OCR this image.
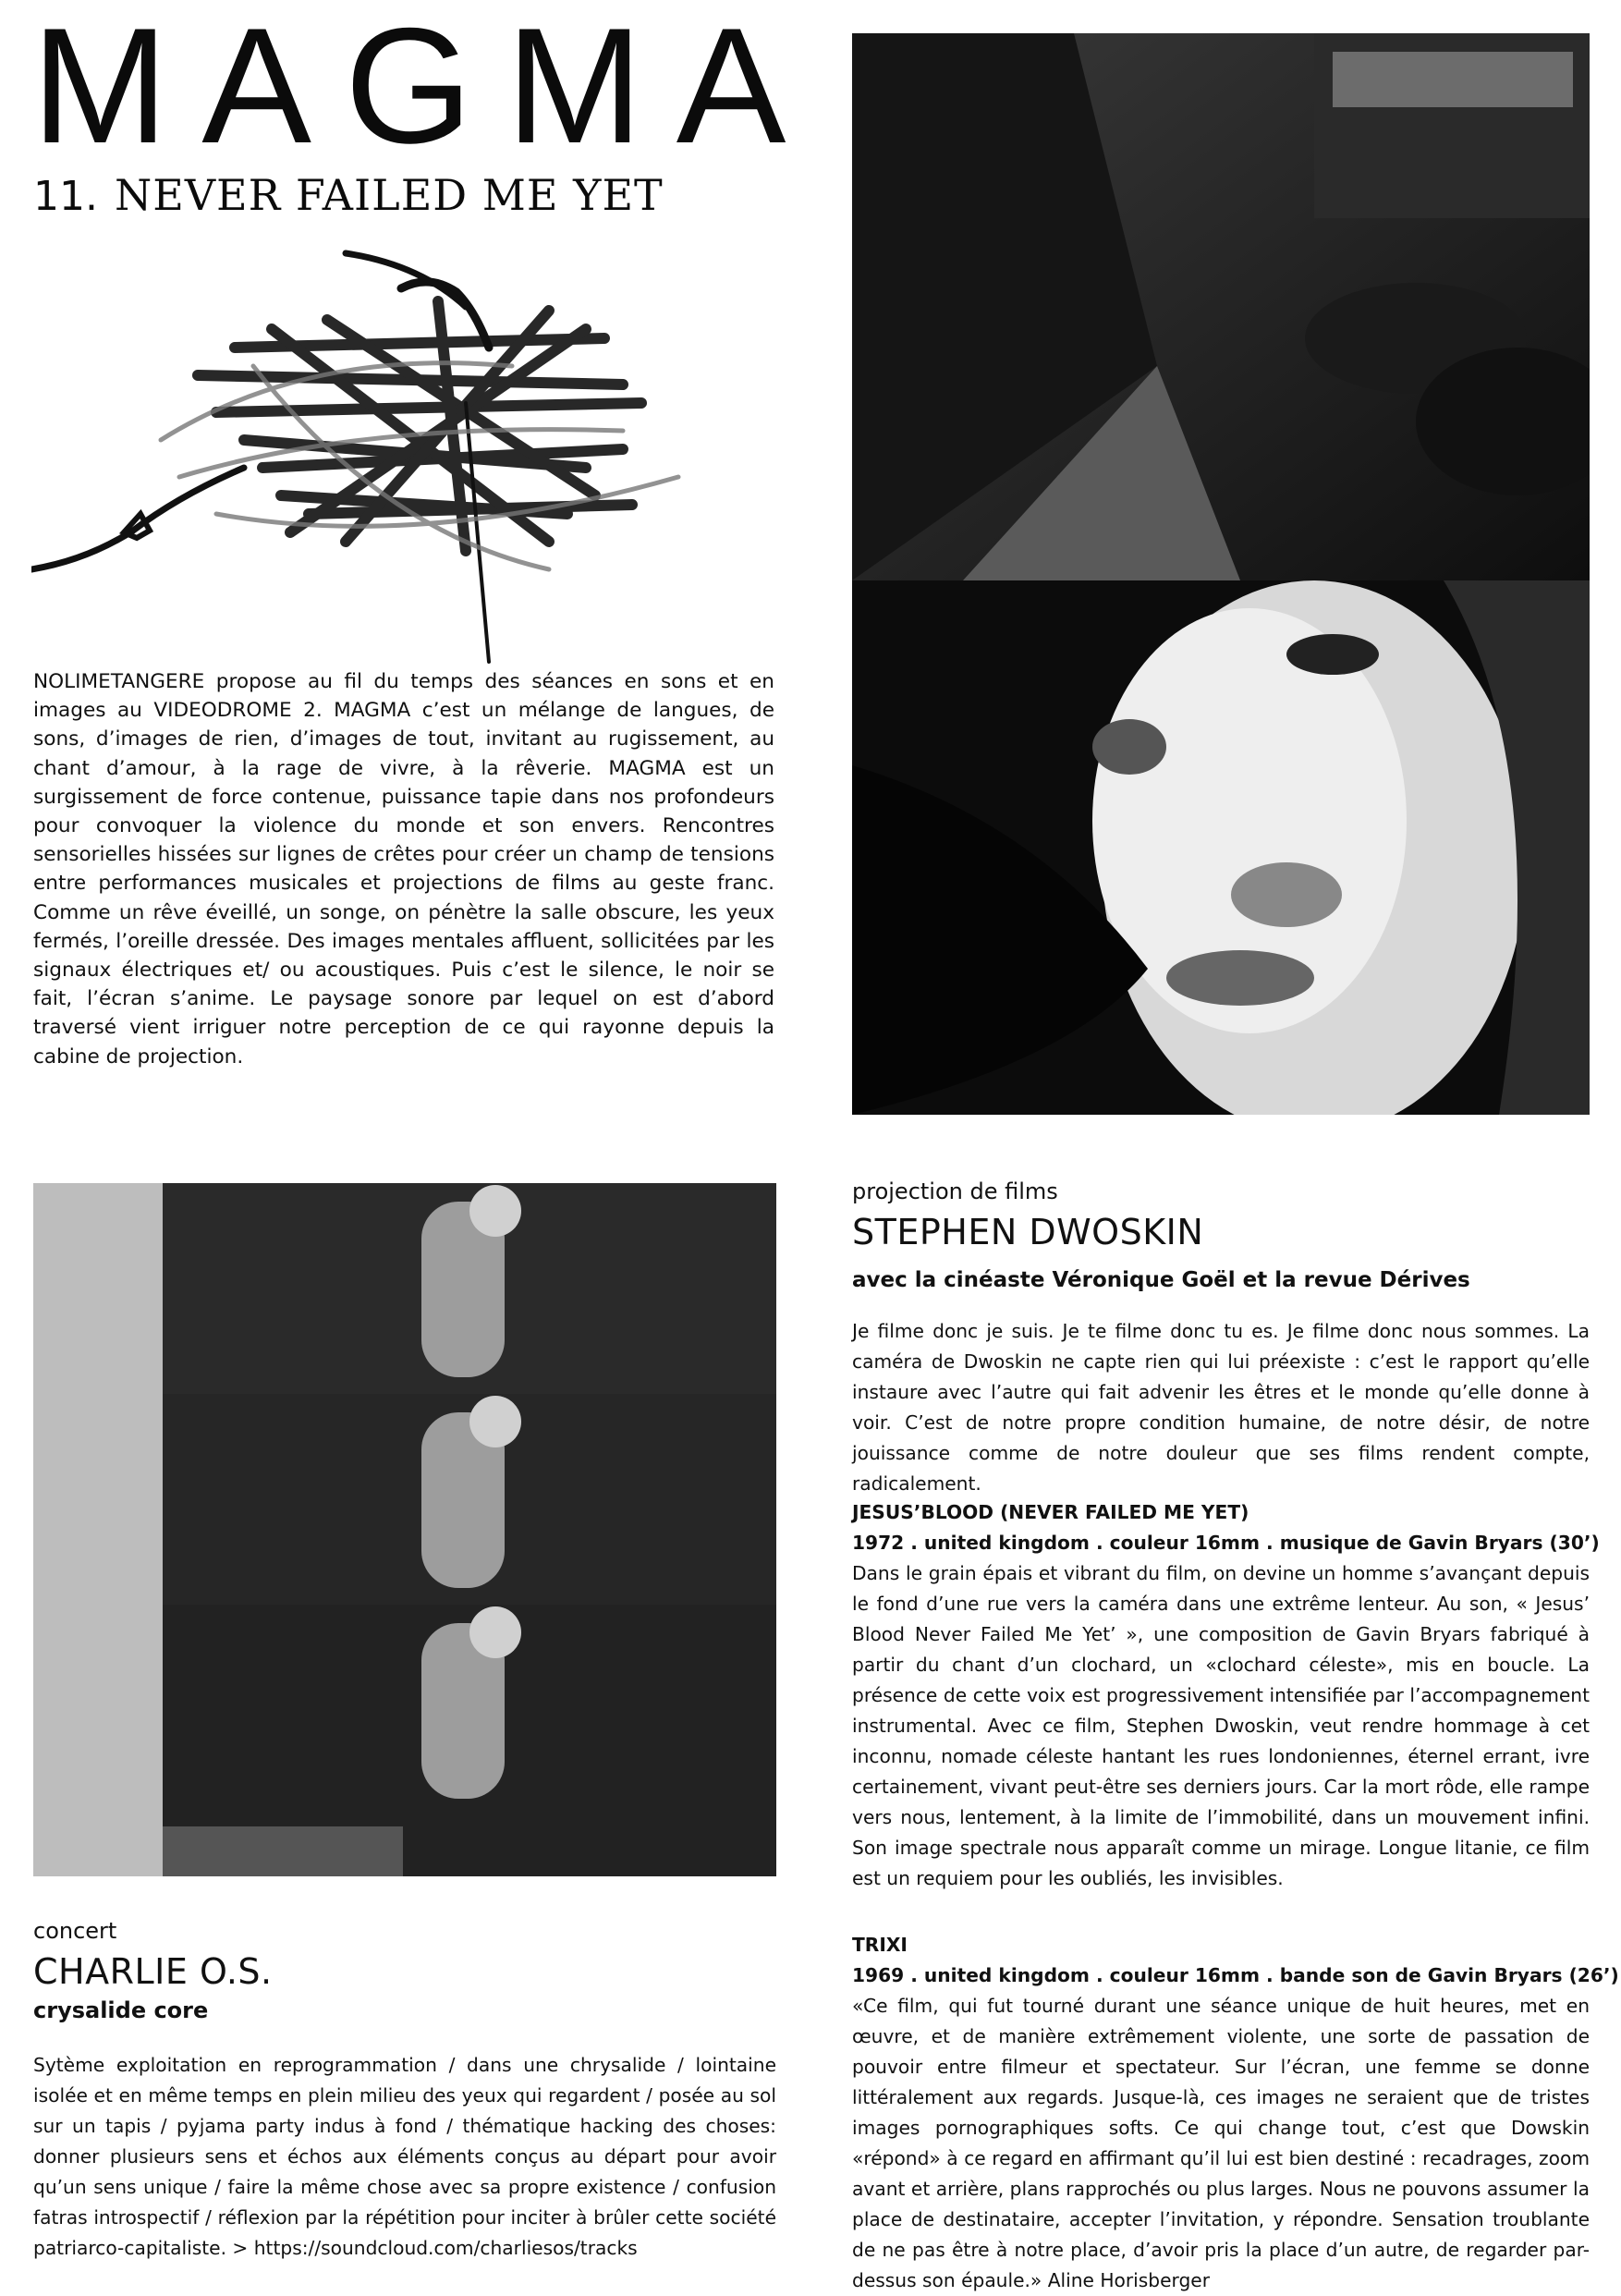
MAGMA
11. NEVER FAILED ME YET
NOLIMETANGERE propose au fil du temps des séances en sons et en images au VIDEODROME 2. MAGMA c’est un mélange de langues, de sons, d’images de rien, d’images de tout, invitant au rugissement, au chant d’amour, à la rage de vivre, à la rêverie. MAGMA est un surgissement de force contenue, puissance tapie dans nos profondeurs pour convoquer la violence du monde et son envers. Rencontres sensorielles hissées sur lignes de crêtes pour créer un champ de tensions entre performances musicales et projections de films au geste franc. Comme un rêve éveillé, un songe, on pénètre la salle obscure, les yeux fermés, l’oreille dressée. Des images mentales affluent, sollicitées par les signaux électriques et/ ou acoustiques. Puis c’est le silence, le noir se fait, l’écran s’anime. Le paysage sonore par lequel on est d’abord traversé vient irriguer notre perception de ce qui rayonne depuis la cabine de projection.
projection de films
STEPHEN DWOSKIN
avec la cinéaste Véronique Goël et la revue Dérives
Je filme donc je suis. Je te filme donc tu es. Je filme donc nous sommes. La caméra de Dwoskin ne capte rien qui lui préexiste : c’est le rapport qu’elle instaure avec l’autre qui fait advenir les êtres et le monde qu’elle donne à voir. C’est de notre propre condition humaine, de notre désir, de notre jouissance comme de notre douleur que ses films rendent compte, radicalement.
JESUS’BLOOD (NEVER FAILED ME YET)
1972 . united kingdom . couleur 16mm . musique de Gavin Bryars (30’)
Dans le grain épais et vibrant du film, on devine un homme s’avançant depuis le fond d’une rue vers la caméra dans une extrême lenteur. Au son, « Jesus’ Blood Never Failed Me Yet’ », une composition de Gavin Bryars fabriqué à partir du chant d’un clochard, un «clochard céleste», mis en boucle. La présence de cette voix est progressivement intensifiée par l’accompagnement instrumental. Avec ce film, Stephen Dwoskin, veut rendre hommage à cet inconnu, nomade céleste hantant les rues londoniennes, éternel errant, ivre certainement, vivant peut-être ses derniers jours. Car la mort rôde, elle rampe vers nous, lentement, à la limite de l’immobilité, dans un mouvement infini. Son image spectrale nous apparaît comme un mirage. Longue litanie, ce film est un requiem pour les oubliés, les invisibles.
TRIXI
1969 . united kingdom . couleur 16mm . bande son de Gavin Bryars (26’)
«Ce film, qui fut tourné durant une séance unique de huit heures, met en œuvre, et de manière extrêmement violente, une sorte de passation de pouvoir entre filmeur et spectateur. Sur l’écran, une femme se donne littéralement aux regards. Jusque-là, ces images ne seraient que de tristes images pornographiques softs. Ce qui change tout, c’est que Dowskin «répond» à ce regard en affirmant qu’il lui est bien destiné : recadrages, zoom avant et arrière, plans rapprochés ou plus larges. Nous ne pouvons assumer la place de destinataire, accepter l’invitation, y répondre. Sensation troublante de ne pas être à notre place, d’avoir pris la place d’un autre, de regarder par-dessus son épaule.» Aline Horisberger
concert
CHARLIE O.S.
crysalide core
Sytème exploitation en reprogrammation / dans une chrysalide / lointaine isolée et en même temps en plein milieu des yeux qui regardent / posée au sol sur un tapis / pyjama party indus à fond / thématique hacking des choses: donner plusieurs sens et échos aux éléments conçus au départ pour avoir qu’un sens unique / faire la même chose avec sa propre existence / confusion fatras introspectif / réflexion par la répétition pour inciter à brûler cette société patriarco-capitaliste. > https://soundcloud.com/charliesos/tracks
